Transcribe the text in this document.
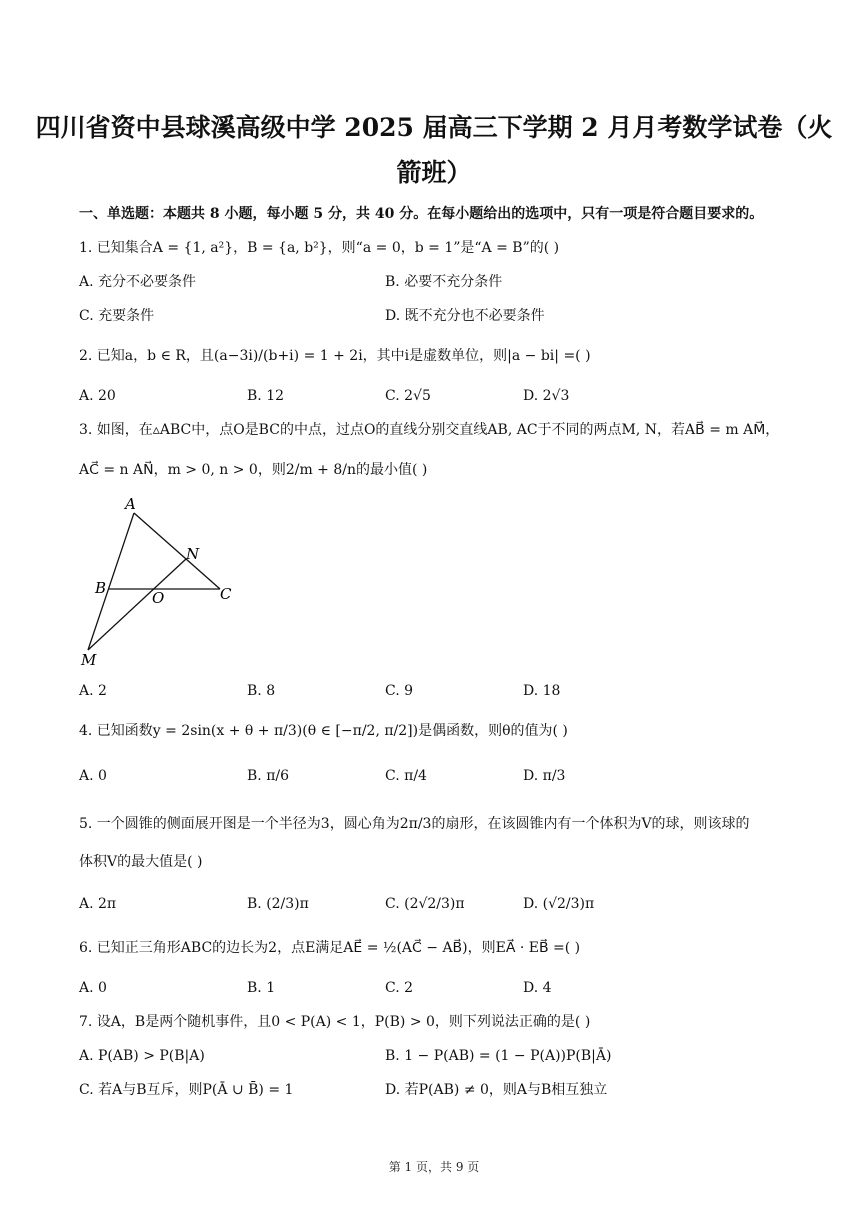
四川省资中县球溪高级中学 2025 届高三下学期 2 月月考数学试卷（火
箭班）
一、单选题：本题共 8 小题，每小题 5 分，共 40 分。在每小题给出的选项中，只有一项是符合题目要求的。
1. 已知集合A = {1, a²}，B = {a, b²}，则“a = 0，b = 1”是“A = B”的( )
A. 充分不必要条件	B. 必要不充分条件
C. 充要条件	D. 既不充分也不必要条件
2. 已知a，b ∈ R，且(a−3i)/(b+i) = 1 + 2i，其中i是虚数单位，则|a − bi| =( )
A. 20	B. 12	C. 2√5	D. 2√3
3. 如图，在▵ABC中，点O是BC的中点，过点O的直线分别交直线AB, AC于不同的两点M, N，若AB⃗ = m AM⃗，
AC⃗ = n AN⃗，m > 0, n > 0，则2/m + 8/n的最小值( )
A
N
B
O	C
M
A. 2	B. 8	C. 9	D. 18
4. 已知函数y = 2sin(x + θ + π/3)(θ ∈ [−π/2, π/2])是偶函数，则θ的值为( )
A. 0	B. π/6	C. π/4	D. π/3
5. 一个圆锥的侧面展开图是一个半径为3，圆心角为2π/3的扇形，在该圆锥内有一个体积为V的球，则该球的
体积V的最大值是( )
A. 2π	B. (2/3)π	C. (2√2/3)π	D. (√2/3)π
6. 已知正三角形ABC的边长为2，点E满足AE⃗ = ½(AC⃗ − AB⃗)，则EA⃗ · EB⃗ =( )
A. 0	B. 1	C. 2	D. 4
7. 设A，B是两个随机事件，且0 < P(A) < 1，P(B) > 0，则下列说法正确的是( )
A. P(AB) > P(B|A)	B. 1 − P(AB) = (1 − P(A))P(B|Ā)
C. 若A与B互斥，则P(Ā ∪ B̄) = 1	D. 若P(AB) ≠ 0，则A与B相互独立
第 1 页，共 9 页
